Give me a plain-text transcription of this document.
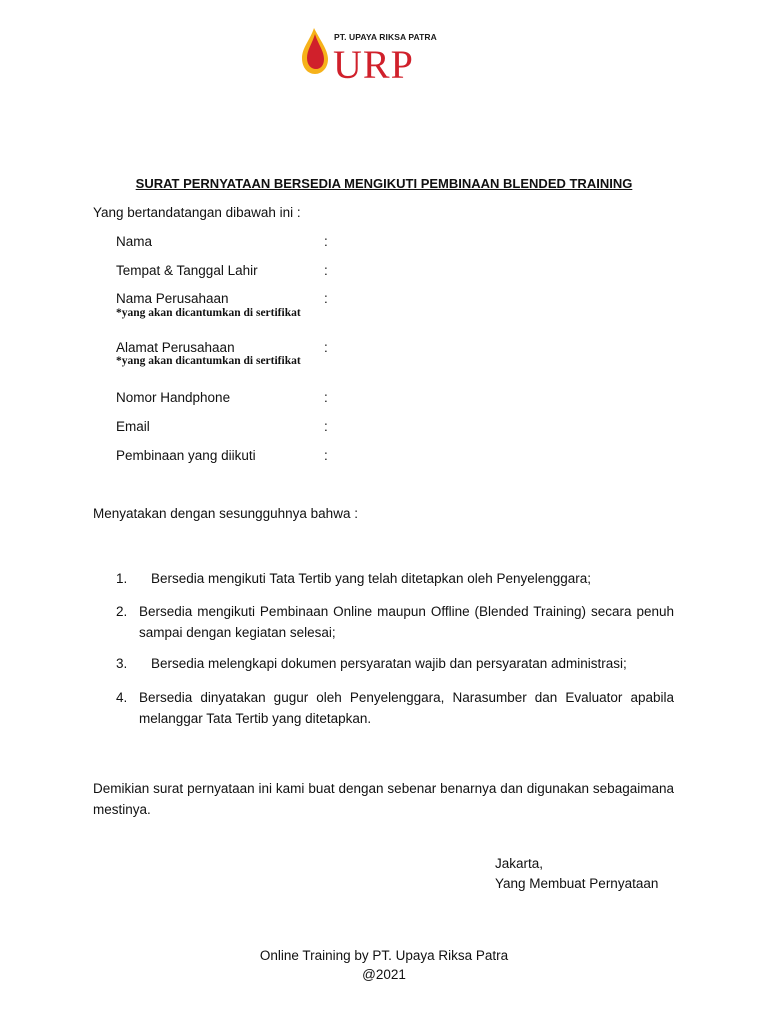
PT. UPAYA RIKSA PATRA
URP
SURAT PERNYATAAN BERSEDIA MENGIKUTI PEMBINAAN BLENDED TRAINING
Yang bertandatangan dibawah ini :
Nama	:
Tempat & Tanggal Lahir	:
Nama Perusahaan	:
*yang akan dicantumkan di sertifikat
Alamat Perusahaan	:
*yang akan dicantumkan di sertifikat
Nomor Handphone	:
Email	:
Pembinaan yang diikuti	:
Menyatakan dengan sesungguhnya bahwa :
1. Bersedia mengikuti Tata Tertib yang telah ditetapkan oleh Penyelenggara;
2. Bersedia mengikuti Pembinaan Online maupun Offline (Blended Training) secara penuh sampai dengan kegiatan selesai;
3. Bersedia melengkapi dokumen persyaratan wajib dan persyaratan administrasi;
4. Bersedia dinyatakan gugur oleh Penyelenggara, Narasumber dan Evaluator apabila melanggar Tata Tertib yang ditetapkan.
Demikian surat pernyataan ini kami buat dengan sebenar benarnya dan digunakan sebagaimana mestinya.
Jakarta,
Yang Membuat Pernyataan
Online Training by PT. Upaya Riksa Patra
@2021
